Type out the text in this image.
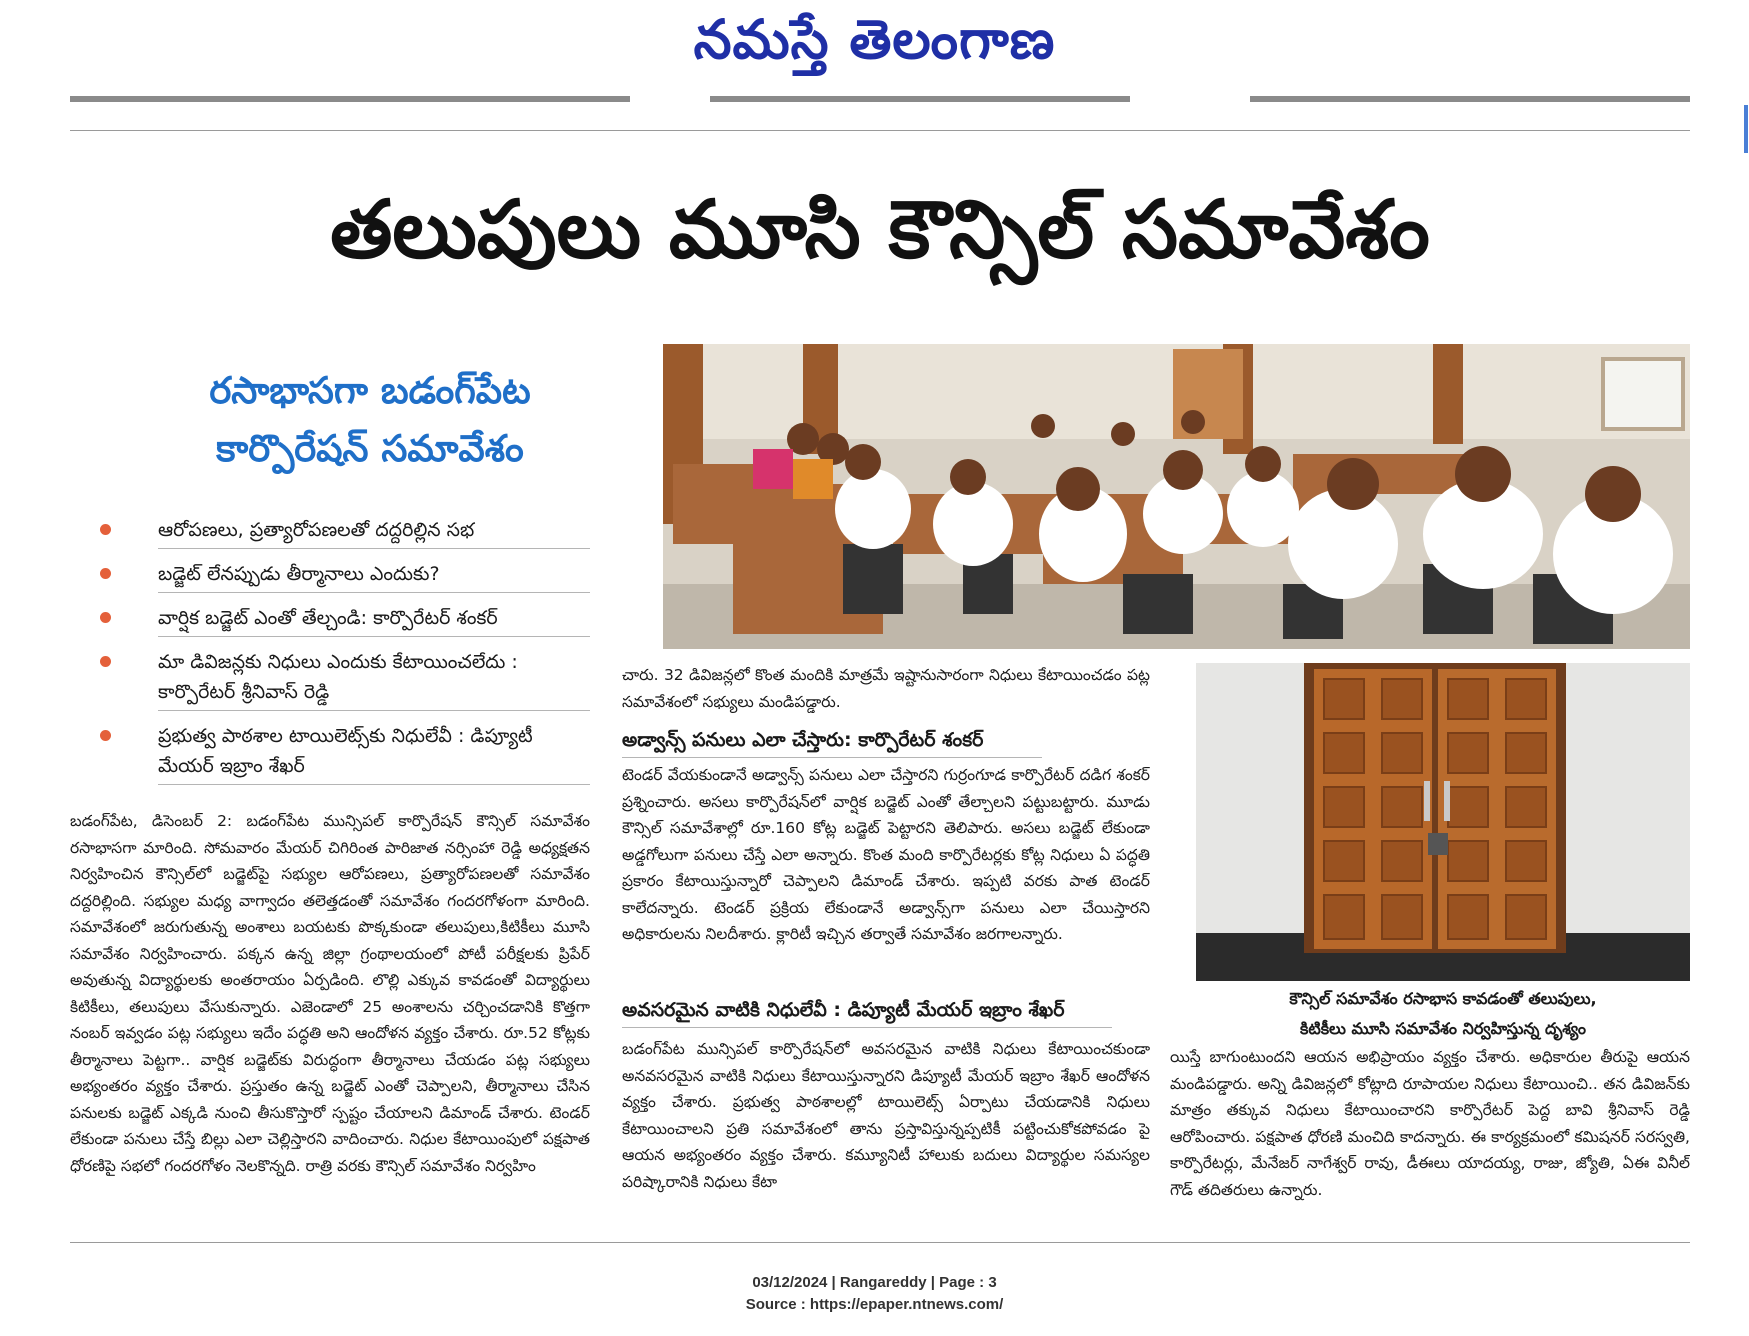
నమస్తే తెలంగాణ
తలుపులు మూసి కౌన్సిల్ సమావేశం
రసాభాసగా బడంగ్‌పేట
కార్పొరేషన్ సమావేశం
ఆరోపణలు, ప్రత్యారోపణలతో దద్దరిల్లిన సభ
బడ్జెట్ లేనప్పుడు తీర్మానాలు ఎందుకు?
వార్షిక బడ్జెట్ ఎంతో తేల్చండి: కార్పొరేటర్ శంకర్
మా డివిజన్లకు నిధులు ఎందుకు కేటాయించలేదు : కార్పొరేటర్ శ్రీనివాస్ రెడ్డి
ప్రభుత్వ పాఠశాల టాయిలెట్స్‌కు నిధులేవీ : డిప్యూటీ మేయర్ ఇబ్రాం శేఖర్
బడంగ్‌పేట, డిసెంబర్ 2: బడంగ్‌పేట మున్సిపల్ కార్పొరేషన్ కౌన్సిల్ సమావేశం రసాభాసగా మారింది. సోమవారం మేయర్ చిగిరింత పారిజాత నర్సింహా రెడ్డి అధ్యక్షతన నిర్వహించిన కౌన్సిల్‌లో బడ్జెట్‌పై సభ్యుల ఆరోపణలు, ప్రత్యారోపణలతో సమావేశం దద్దరిల్లింది. సభ్యుల మధ్య వాగ్వాదం తలెత్తడంతో సమావేశం గందరగోళంగా మారింది. సమావేశంలో జరుగుతున్న అంశాలు బయటకు పొక్కకుండా తలుపులు,కిటికీలు మూసి సమావేశం నిర్వహించారు. పక్కన ఉన్న జిల్లా గ్రంథాలయంలో పోటీ పరీక్షలకు ప్రిపేర్ అవుతున్న విద్యార్థులకు అంతరాయం ఏర్పడింది. లొల్లి ఎక్కువ కావడంతో విద్యార్థులు కిటికీలు, తలుపులు వేసుకున్నారు. ఎజెండాలో 25 అంశాలను చర్చించడానికి కొత్తగా నంబర్ ఇవ్వడం పట్ల సభ్యులు ఇదేం పద్ధతి అని ఆందోళన వ్యక్తం చేశారు. రూ.52 కోట్లకు తీర్మానాలు పెట్టగా.. వార్షిక బడ్జెట్‌కు విరుద్ధంగా తీర్మానాలు చేయడం పట్ల సభ్యులు అభ్యంతరం వ్యక్తం చేశారు. ప్రస్తుతం ఉన్న బడ్జెట్ ఎంతో చెప్పాలని, తీర్మానాలు చేసిన పనులకు బడ్జెట్ ఎక్కడి నుంచి తీసుకొస్తారో స్పష్టం చేయాలని డిమాండ్ చేశారు. టెండర్ లేకుండా పనులు చేస్తే బిల్లు ఎలా చెల్లిస్తారని వాదించారు. నిధుల కేటాయింపులో పక్షపాత ధోరణిపై సభలో గందరగోళం నెలకొన్నది. రాత్రి వరకు కౌన్సిల్ సమావేశం నిర్వహిం
చారు. 32 డివిజన్లలో కొంత మందికి మాత్రమే ఇష్టానుసారంగా నిధులు కేటాయించడం పట్ల సమావేశంలో సభ్యులు మండిపడ్డారు.
అడ్వాన్స్ పనులు ఎలా చేస్తారు: కార్పొరేటర్ శంకర్
టెండర్ వేయకుండానే అడ్వాన్స్ పనులు ఎలా చేస్తారని గుర్రంగూడ కార్పొరేటర్ దడిగ శంకర్ ప్రశ్నించారు. అసలు కార్పొరేషన్‌లో వార్షిక బడ్జెట్ ఎంతో తేల్చాలని పట్టుబట్టారు. మూడు కౌన్సిల్ సమావేశాల్లో రూ.160 కోట్ల బడ్జెట్ పెట్టారని తెలిపారు. అసలు బడ్జెట్ లేకుండా అడ్డగోలుగా పనులు చేస్తే ఎలా అన్నారు. కొంత మంది కార్పొరేటర్లకు కోట్ల నిధులు ఏ పద్ధతి ప్రకారం కేటాయిస్తున్నారో చెప్పాలని డిమాండ్ చేశారు. ఇప్పటి వరకు పాత టెండర్ కాలేదన్నారు. టెండర్ ప్రక్రియ లేకుండానే అడ్వాన్స్‌గా పనులు ఎలా చేయిస్తారని అధికారులను నిలదీశారు. క్లారిటీ ఇచ్చిన తర్వాతే సమావేశం జరగాలన్నారు.
అవసరమైన వాటికి నిధులేవీ : డిప్యూటీ మేయర్ ఇబ్రాం శేఖర్
బడంగ్‌పేట మున్సిపల్ కార్పొరేషన్‌లో అవసరమైన వాటికి నిధులు కేటాయించకుండా అనవసరమైన వాటికి నిధులు కేటాయిస్తున్నారని డిప్యూటీ మేయర్ ఇబ్రాం శేఖర్ ఆందోళన వ్యక్తం చేశారు. ప్రభుత్వ పాఠశాలల్లో టాయిలెట్స్ ఏర్పాటు చేయడానికి నిధులు కేటాయించాలని ప్రతి సమావేశంలో తాను ప్రస్తావిస్తున్నప్పటికీ పట్టించుకోకపోవడం పై ఆయన అభ్యంతరం వ్యక్తం చేశారు. కమ్యూనిటీ హాలుకు బదులు విద్యార్థుల సమస్యల పరిష్కారానికి నిధులు కేటా
కౌన్సిల్ సమావేశం రసాభాస కావడంతో తలుపులు,
కిటికీలు మూసి సమావేశం నిర్వహిస్తున్న దృశ్యం
యిస్తే బాగుంటుందని ఆయన అభిప్రాయం వ్యక్తం చేశారు. అధికారుల తీరుపై ఆయన మండిపడ్డారు. అన్ని డివిజన్లలో కోట్లాది రూపాయల నిధులు కేటాయించి.. తన డివిజన్‌కు మాత్రం తక్కువ నిధులు కేటాయించారని కార్పొరేటర్ పెద్ద బావి శ్రీనివాస్ రెడ్డి ఆరోపించారు. పక్షపాత ధోరణి మంచిది కాదన్నారు. ఈ కార్యక్రమంలో కమిషనర్ సరస్వతి, కార్పొరేటర్లు, మేనేజర్ నాగేశ్వర్ రావు, డీఈలు యాదయ్య, రాజు, జ్యోతి, ఏఈ వినీల్ గౌడ్ తదితరులు ఉన్నారు.
03/12/2024 | Rangareddy | Page : 3
Source : https://epaper.ntnews.com/
